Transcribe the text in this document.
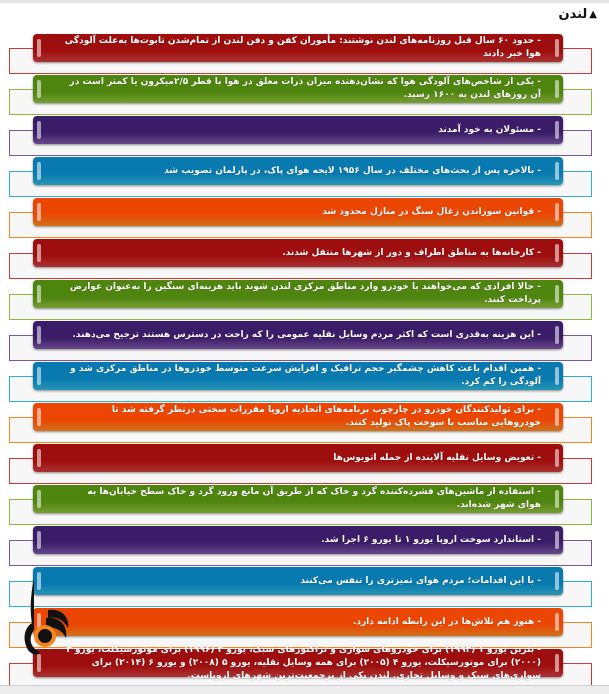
▲
لندن
- حدود ۶۰ سال قبل روزنامه‌های لندن نوشتند: مأموران کفن و دفن لندن از تمام‌شدن تابوت‌ها به‌علت آلودگی هوا خبر دادند
- یکی از شاخص‌های آلودگی هوا که نشان‌دهنده میزان ذرات معلق در هوا با قطر ۲/۵میکرون یا کمتر است در آن روزهای لندن به ۱۶۰۰ رسید.
- مسئولان به خود آمدند
- بالاخره پس از بحث‌های مختلف در سال ۱۹۵۶ لایحه هوای پاک، در پارلمان تصویب شد
- قوانین سوزاندن زغال سنگ در منازل محدود شد
- کارخانه‌ها به مناطق اطراف و دور از شهرها منتقل شدند.
- حالا افرادی که می‌خواهند با خودرو وارد مناطق مرکزی لندن شوند باید هزینه‌ای سنگین را به‌عنوان عوارض پرداخت کنند.
- این هزینه به‌قدری است که اکثر مردم وسایل نقلیه عمومی را که راحت در دسترس هستند ترجیح می‌دهند.
- همین اقدام باعث کاهش چشمگیر حجم ترافیک و افزایش سرعت متوسط خودروها در مناطق مرکزی شد و آلودگی را کم کرد.
- برای تولیدکنندگان خودرو در چارچوب برنامه‌های اتحادیه اروپا مقررات سختی درنظر گرفته شد تا خودروهایی مناسب با سوخت پاک تولید کنند.
- تعویض وسایل نقلیه آلاینده از جمله اتوبوس‌ها
- استفاده از ماشین‌های فشرده‌کننده گرد و خاک که از طریق آن مانع ورود گرد و خاک سطح خیابان‌ها به هوای شهر شده‌اند.
- استاندارد سوخت اروپا یورو ۱ تا یورو ۶ اجرا شد.
- با این اقدامات؛ مردم هوای تمیزتری را تنفس می‌کنند
- هنوز هم تلاش‌ها در این رابطه ادامه دارد.
- بنزین یورو ۱ (۱۹۹۳) برای خودروهای سواری و تراکتورهای سبک، یورو ۲ (۱۹۹۶) برای موتورسیکلت، یورو ۳ (۲۰۰۰) برای موتورسیکلت، یورو ۴ (۲۰۰۵) برای همه وسایل نقلیه، یورو ۵ (۲۰۰۸) و یورو ۶ (۲۰۱۴) برای سواری‌های سبک و وسایل تجاری. لندن یکی از پرجمعیت‌ترین شهرهای اروپاست.
